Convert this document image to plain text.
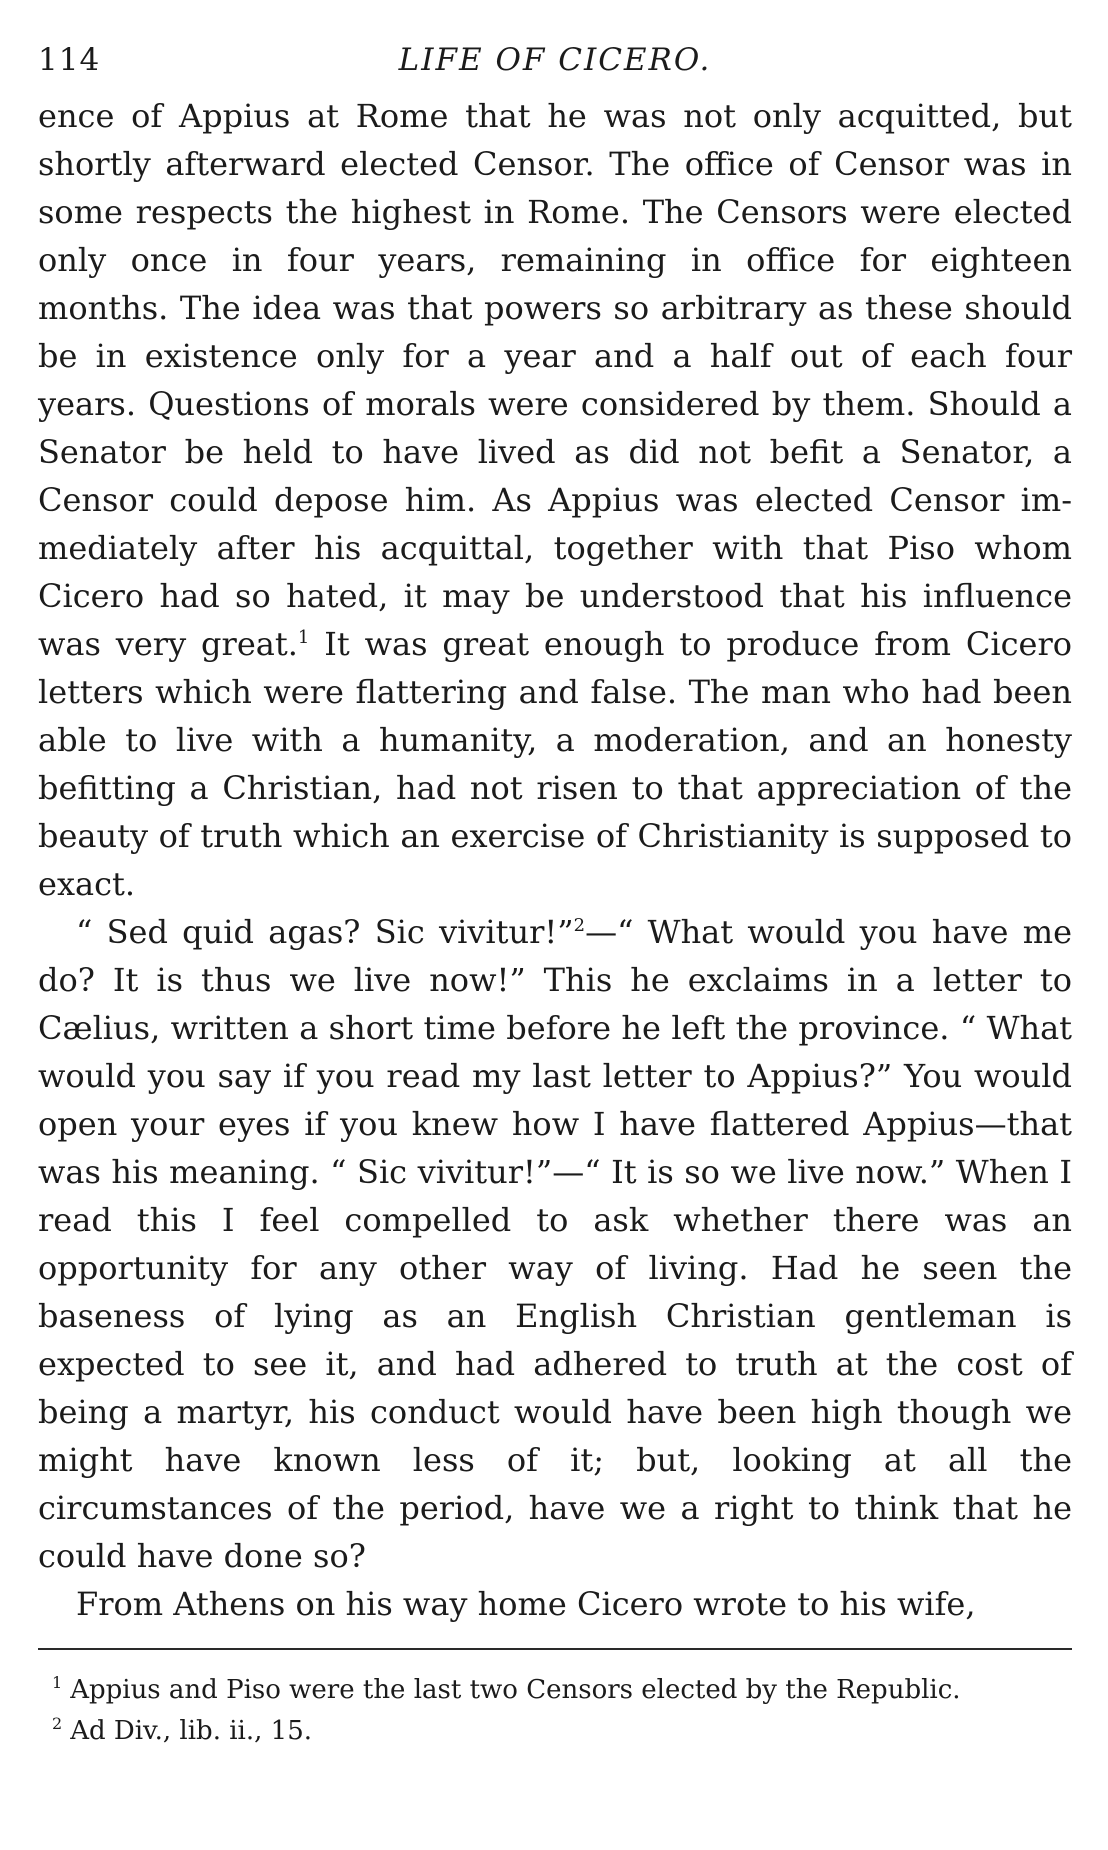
114	LIFE OF CICERO.

ence of Appius at Rome that he was not only acquitted, but shortly afterward elected Censor. The office of Censor was in some respects the highest in Rome. The Censors were elected only once in four years, remaining in office for eighteen months. The idea was that powers so arbitrary as these should be in existence only for a year and a half out of each four years. Questions of morals were considered by them. Should a Senator be held to have lived as did not befit a Senator, a Censor could depose him. As Appius was elected Censor immediately after his acquittal, together with that Piso whom Cicero had so hated, it may be understood that his influence was very great.$^1$ It was great enough to produce from Cicero letters which were flattering and false. The man who had been able to live with a humanity, a moderation, and an honesty befitting a Christian, had not risen to that appreciation of the beauty of truth which an exercise of Christianity is supposed to exact.

“ Sed quid agas? Sic vivitur!”$^2$—“ What would you have me do? It is thus we live now!” This he exclaims in a letter to Cælius, written a short time before he left the province. “ What would you say if you read my last letter to Appius?” You would open your eyes if you knew how I have flattered Appius—that was his meaning. “ Sic vivitur!”—“ It is so we live now.” When I read this I feel compelled to ask whether there was an opportunity for any other way of living. Had he seen the baseness of lying as an English Christian gentleman is expected to see it, and had adhered to truth at the cost of being a martyr, his conduct would have been high though we might have known less of it; but, looking at all the circumstances of the period, have we a right to think that he could have done so?

From Athens on his way home Cicero wrote to his wife,

$^1$ Appius and Piso were the last two Censors elected by the Republic.

$^2$ Ad Div., lib. ii., 15.
